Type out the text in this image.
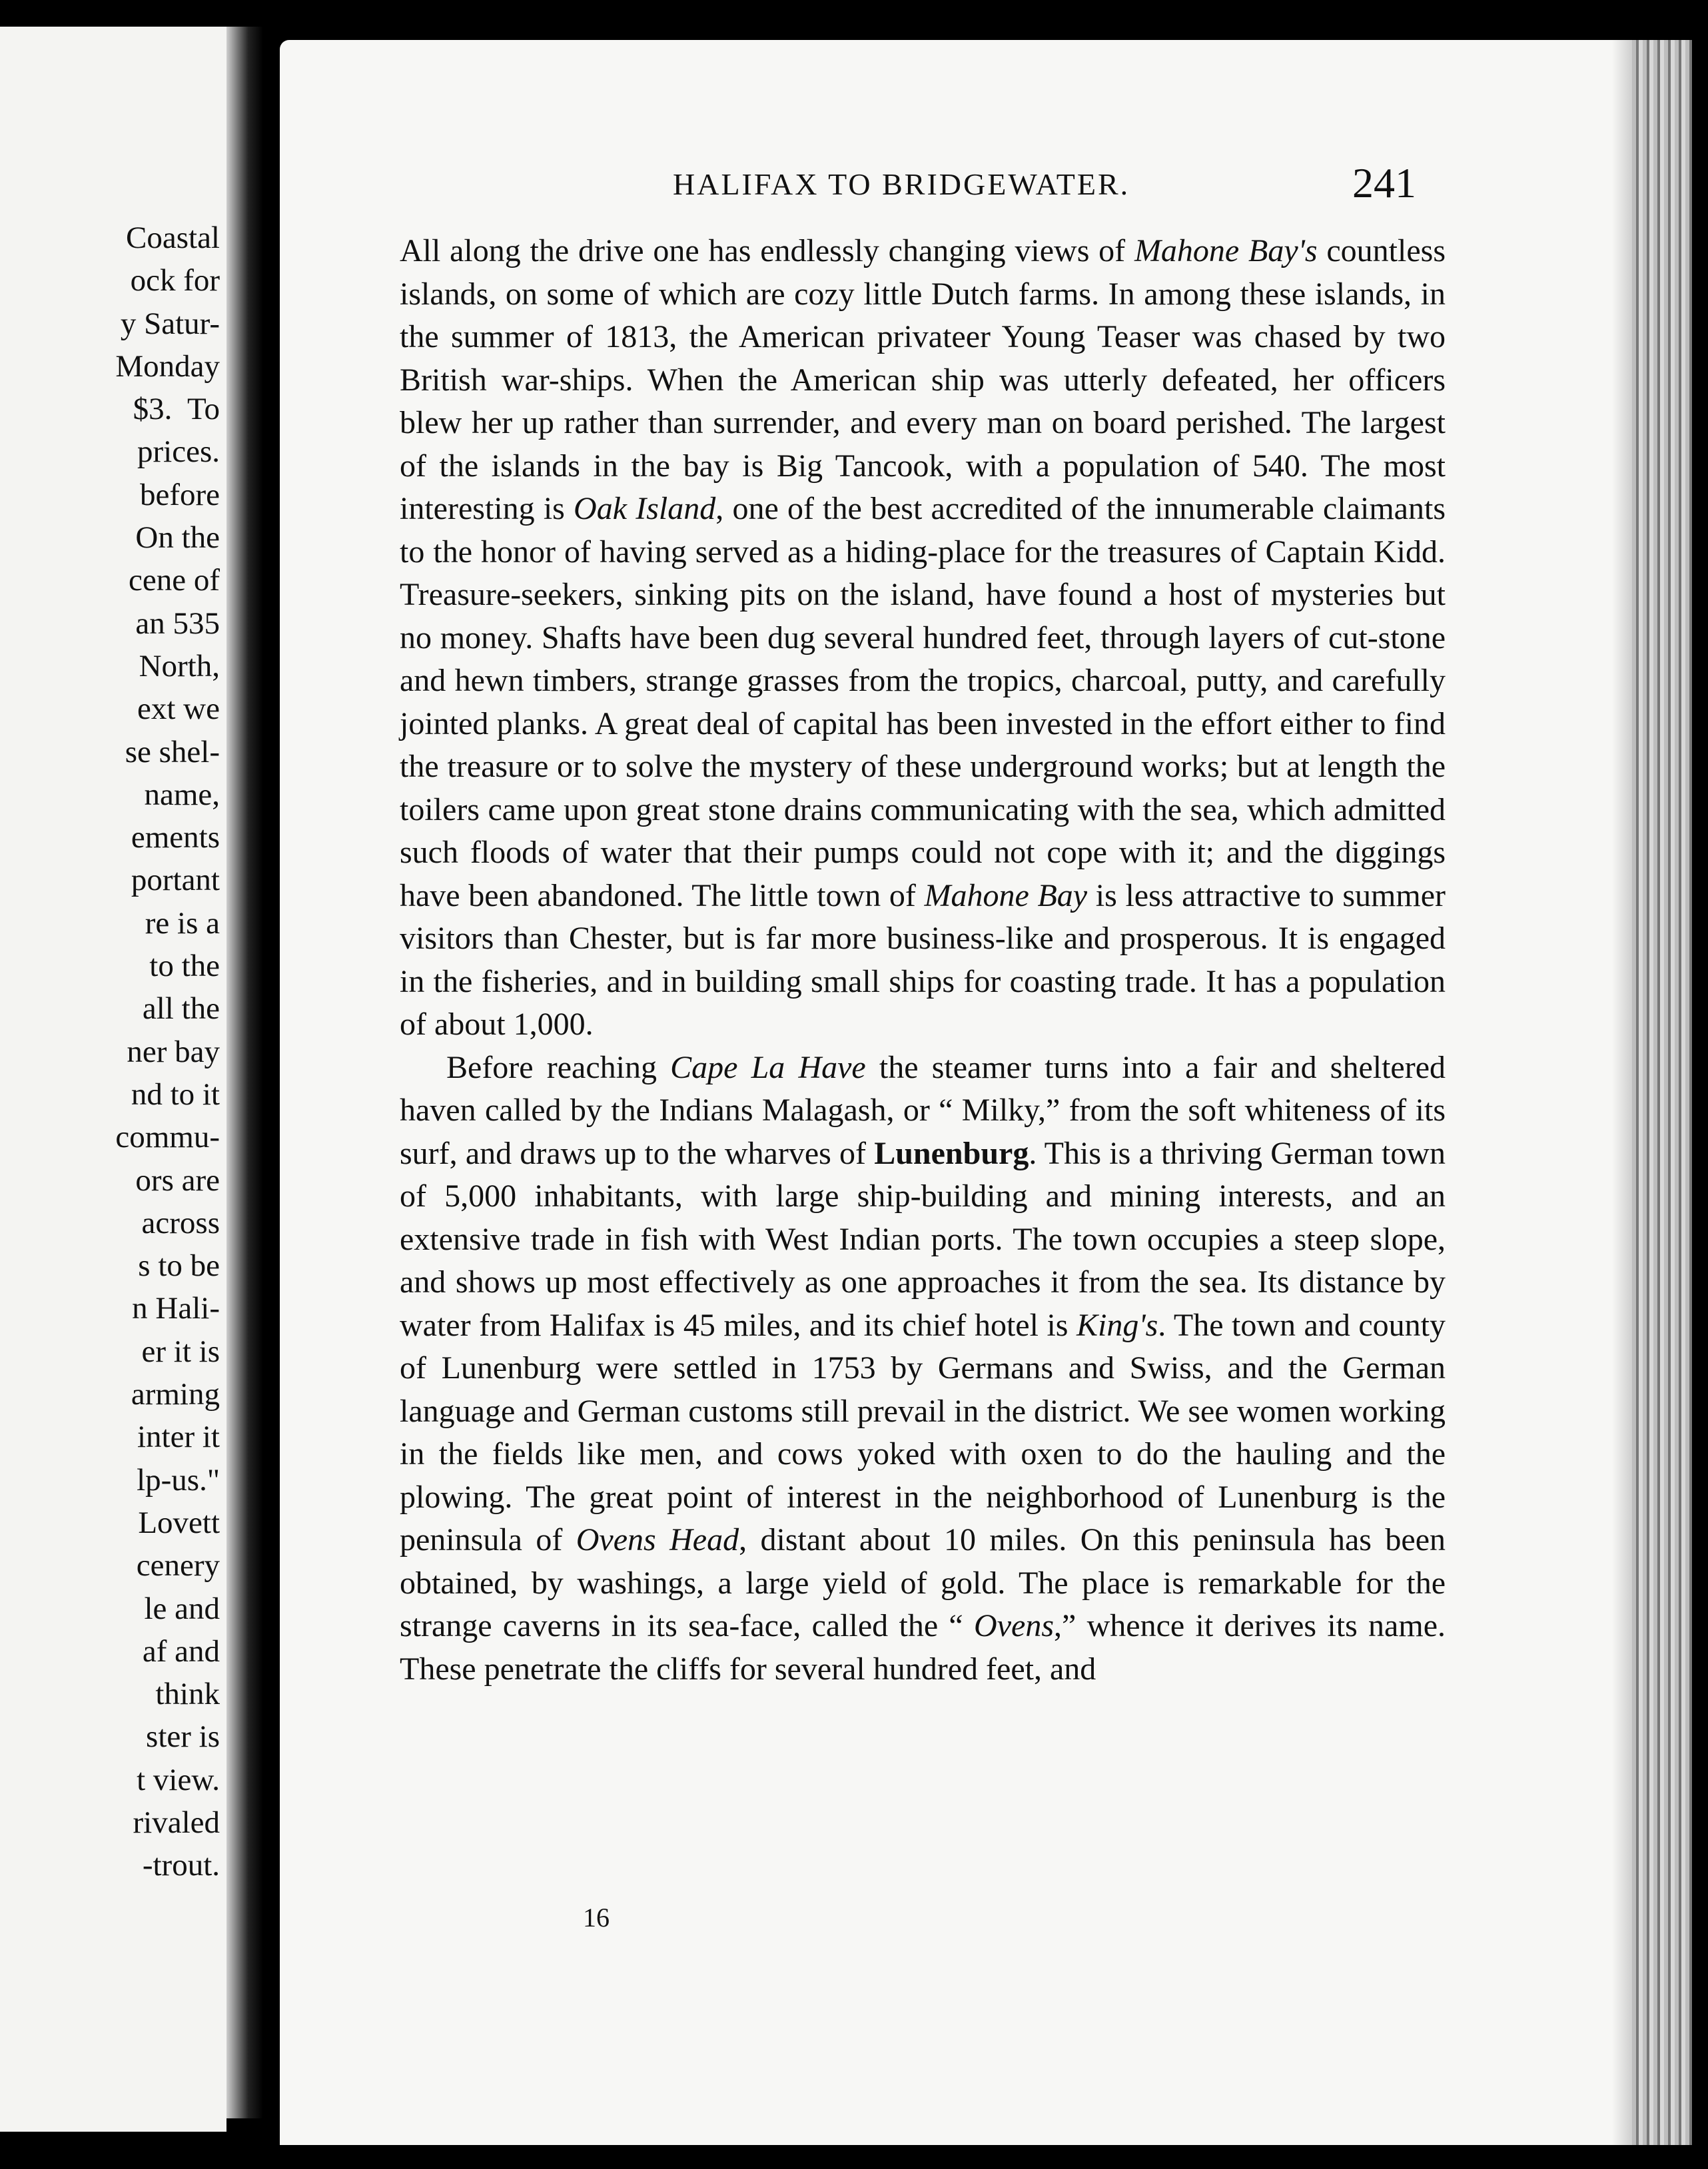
Coastal
ock for
y Satur-
Monday
$3.  To
prices.
before
On the
cene of
an 535
North,
ext we
se shel-
name,
ements
portant
re is a
to the
all the
ner bay
nd to it
commu-
ors are
across
s to be
n Hali-
er it is
arming
inter it
lp-us."
Lovett
cenery
le and
af and
think
ster is
t view.
rivaled
-trout.
HALIFAX TO BRIDGEWATER.	241

All along the drive one has endlessly changing views of Mahone Bay's countless islands, on some of which are cozy little Dutch farms. In among these islands, in the summer of 1813, the American privateer Young Teaser was chased by two British war-ships. When the American ship was utterly defeated, her officers blew her up rather than surrender, and every man on board perished. The largest of the islands in the bay is Big Tancook, with a population of 540. The most interesting is Oak Island, one of the best accredited of the innumerable claimants to the honor of having served as a hiding-place for the treasures of Captain Kidd. Treasure-seekers, sinking pits on the island, have found a host of mysteries but no money. Shafts have been dug several hundred feet, through layers of cut-stone and hewn timbers, strange grasses from the tropics, charcoal, putty, and carefully jointed planks. A great deal of capital has been invested in the effort either to find the treasure or to solve the mystery of these underground works; but at length the toilers came upon great stone drains communicating with the sea, which admitted such floods of water that their pumps could not cope with it; and the diggings have been abandoned. The little town of Mahone Bay is less attractive to summer visitors than Chester, but is far more business-like and prosperous. It is engaged in the fisheries, and in building small ships for coasting trade. It has a population of about 1,000.

Before reaching Cape La Have the steamer turns into a fair and sheltered haven called by the Indians Malagash, or “ Milky,” from the soft whiteness of its surf, and draws up to the wharves of Lunenburg. This is a thriving German town of 5,000 inhabitants, with large ship-building and mining interests, and an extensive trade in fish with West Indian ports. The town occupies a steep slope, and shows up most effectively as one approaches it from the sea. Its distance by water from Halifax is 45 miles, and its chief hotel is King's. The town and county of Lunenburg were settled in 1753 by Germans and Swiss, and the German language and German customs still prevail in the district. We see women working in the fields like men, and cows yoked with oxen to do the hauling and the plowing. The great point of interest in the neighborhood of Lunenburg is the peninsula of Ovens Head, distant about 10 miles. On this peninsula has been obtained, by washings, a large yield of gold. The place is remarkable for the strange caverns in its sea-face, called the “ Ovens,” whence it derives its name. These penetrate the cliffs for several hundred feet, and

16
